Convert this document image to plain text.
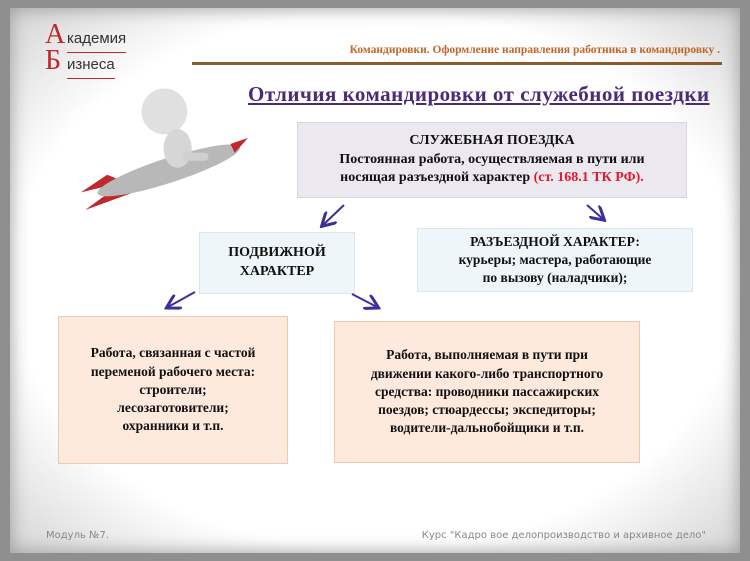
А кадемия
Б изнеса
Командировки. Оформление направления работника в командировку .
Отличия командировки от служебной поездки
СЛУЖЕБНАЯ ПОЕЗДКА
Постоянная работа, осуществляемая в пути или
носящая разъездной характер (ст. 168.1 ТК РФ).
ПОДВИЖНОЙ
ХАРАКТЕР
РАЗЪЕЗДНОЙ ХАРАКТЕР:
курьеры; мастера, работающие
по вызову (наладчики);
Работа, связанная с частой
переменой рабочего места:
строители;
лесозаготовители;
охранники и т.п.
Работа, выполняемая в пути при
движении какого-либо транспортного
средства: проводники пассажирских
поездов; стюардессы; экспедиторы;
водители-дальнобойщики и т.п.
Модуль №7.	Курс "Кадро вое делопроизводство и архивное дело"
